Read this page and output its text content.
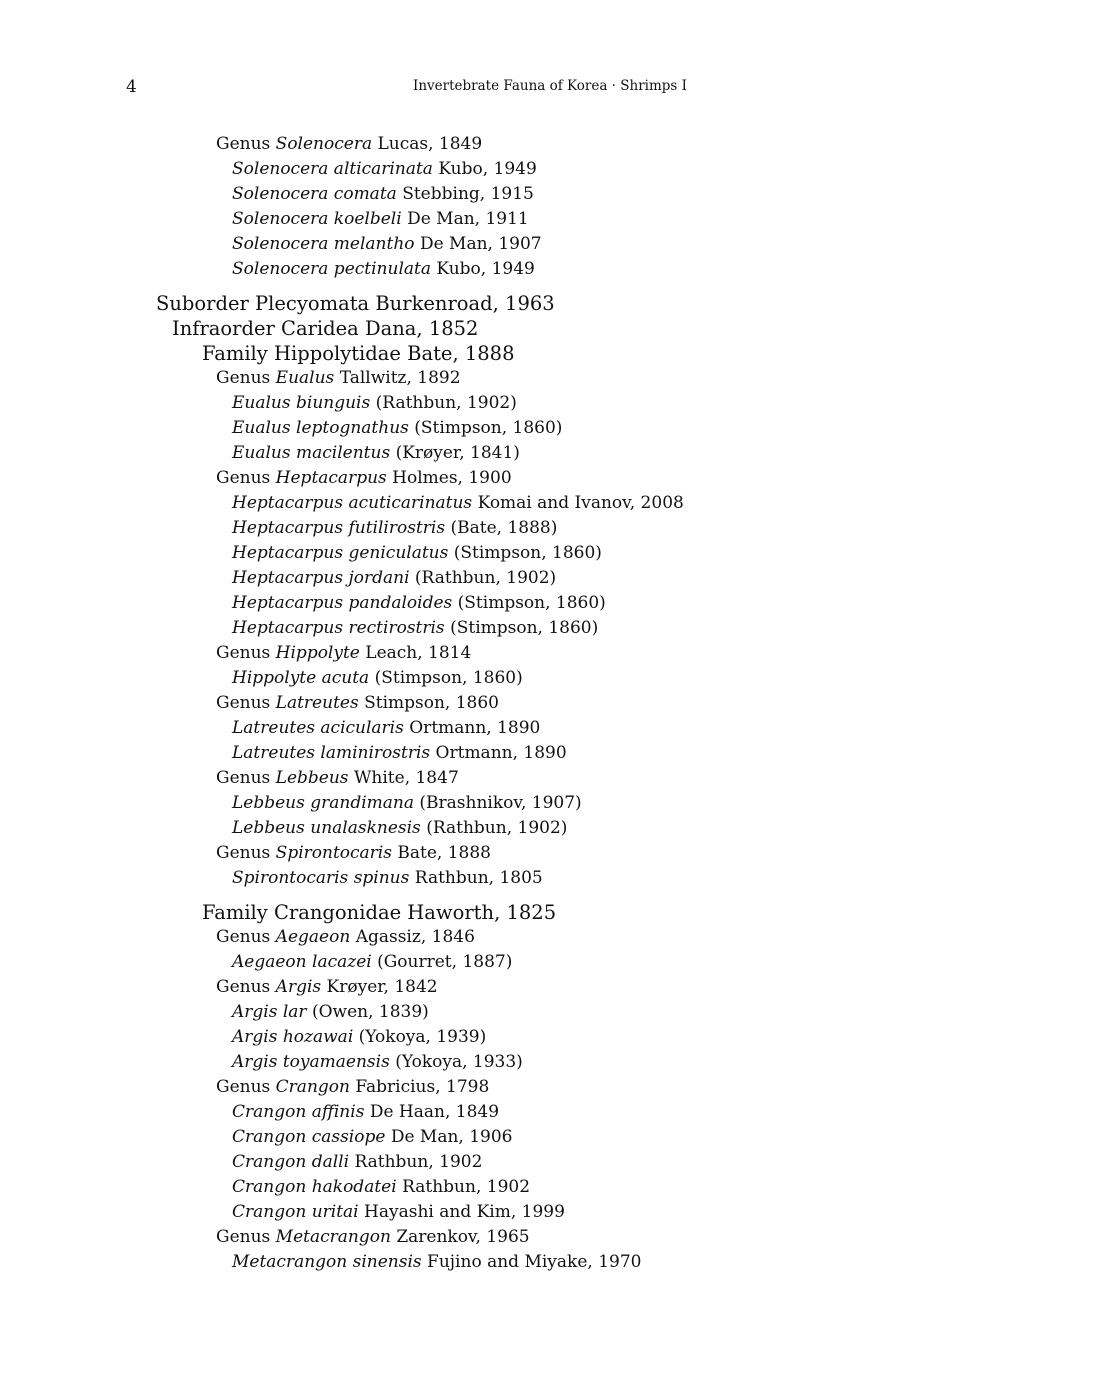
4	Invertebrate Fauna of Korea · Shrimps I
Genus Solenocera Lucas, 1849
Solenocera alticarinata Kubo, 1949
Solenocera comata Stebbing, 1915
Solenocera koelbeli De Man, 1911
Solenocera melantho De Man, 1907
Solenocera pectinulata Kubo, 1949
Suborder Plecyomata Burkenroad, 1963
Infraorder Caridea Dana, 1852
Family Hippolytidae Bate, 1888
Genus Eualus Tallwitz, 1892
Eualus biunguis (Rathbun, 1902)
Eualus leptognathus (Stimpson, 1860)
Eualus macilentus (Krøyer, 1841)
Genus Heptacarpus Holmes, 1900
Heptacarpus acuticarinatus Komai and Ivanov, 2008
Heptacarpus futilirostris (Bate, 1888)
Heptacarpus geniculatus (Stimpson, 1860)
Heptacarpus jordani (Rathbun, 1902)
Heptacarpus pandaloides (Stimpson, 1860)
Heptacarpus rectirostris (Stimpson, 1860)
Genus Hippolyte Leach, 1814
Hippolyte acuta (Stimpson, 1860)
Genus Latreutes Stimpson, 1860
Latreutes acicularis Ortmann, 1890
Latreutes laminirostris Ortmann, 1890
Genus Lebbeus White, 1847
Lebbeus grandimana (Brashnikov, 1907)
Lebbeus unalasknesis (Rathbun, 1902)
Genus Spirontocaris Bate, 1888
Spirontocaris spinus Rathbun, 1805
Family Crangonidae Haworth, 1825
Genus Aegaeon Agassiz, 1846
Aegaeon lacazei (Gourret, 1887)
Genus Argis Krøyer, 1842
Argis lar (Owen, 1839)
Argis hozawai (Yokoya, 1939)
Argis toyamaensis (Yokoya, 1933)
Genus Crangon Fabricius, 1798
Crangon affinis De Haan, 1849
Crangon cassiope De Man, 1906
Crangon dalli Rathbun, 1902
Crangon hakodatei Rathbun, 1902
Crangon uritai Hayashi and Kim, 1999
Genus Metacrangon Zarenkov, 1965
Metacrangon sinensis Fujino and Miyake, 1970
